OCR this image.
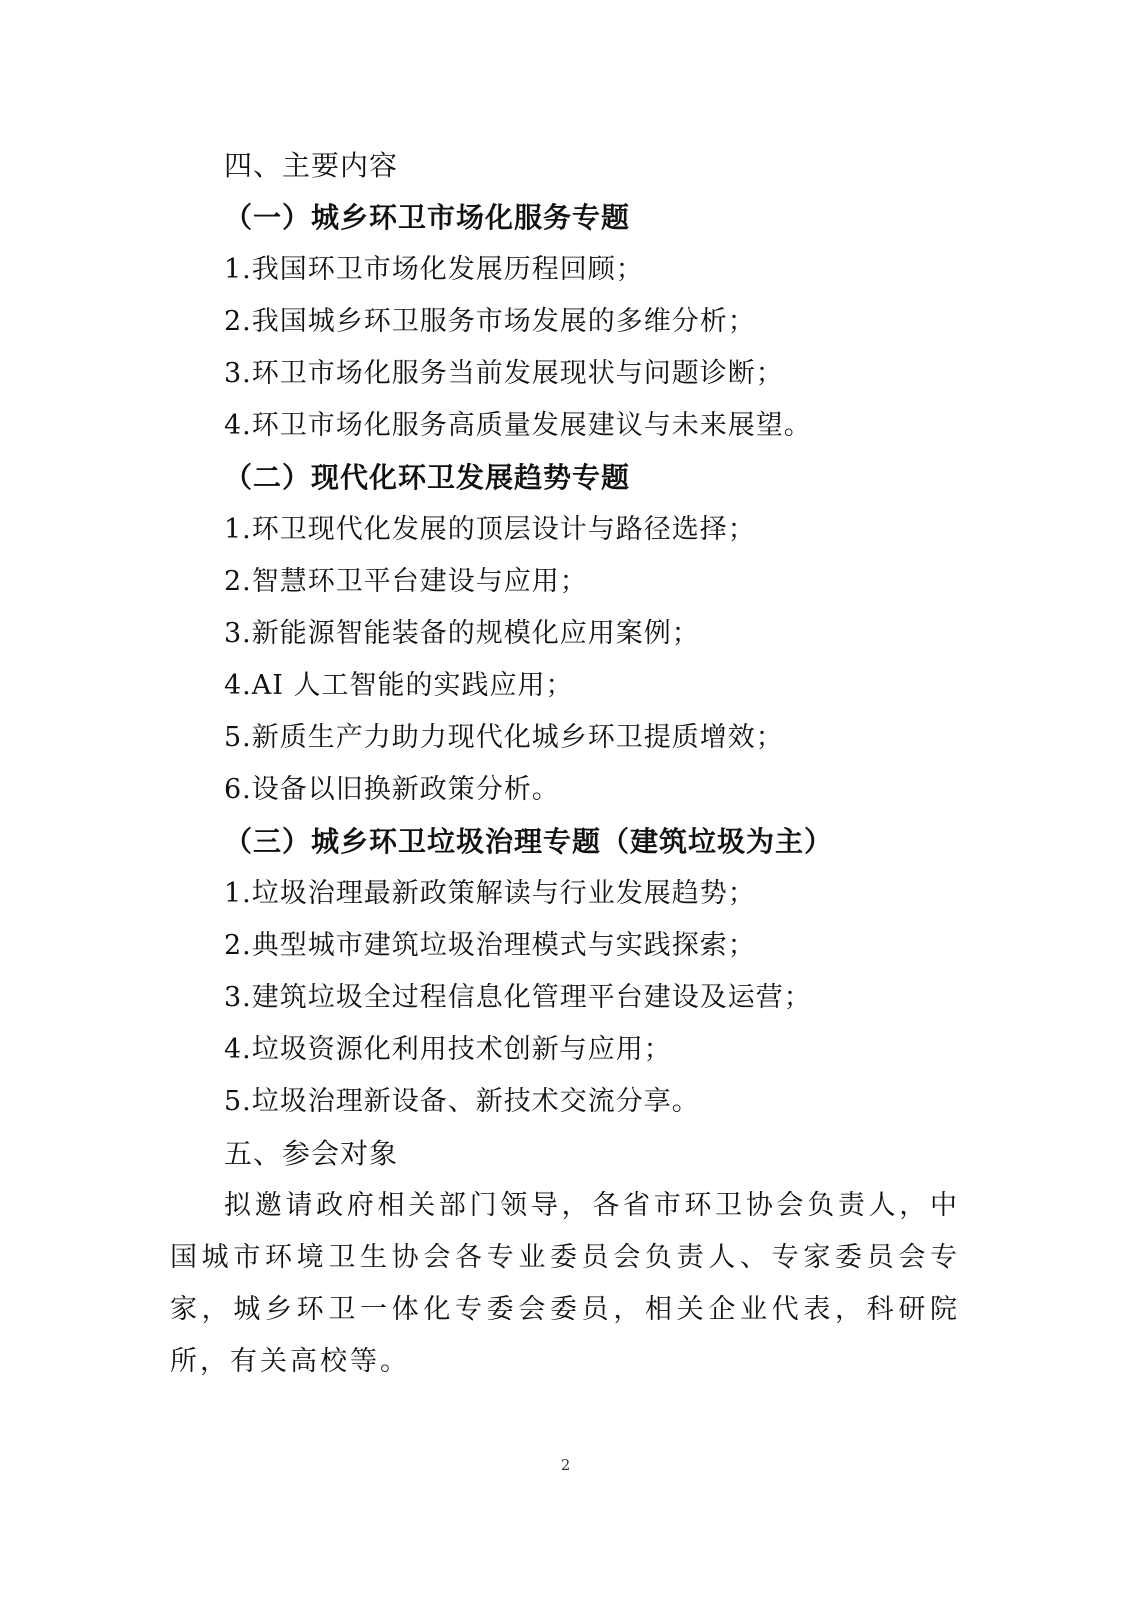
四、主要内容
（一）城乡环卫市场化服务专题

1.我国环卫市场化发展历程回顾；

2.我国城乡环卫服务市场发展的多维分析；

3.环卫市场化服务当前发展现状与问题诊断；

4.环卫市场化服务高质量发展建议与未来展望。

（二）现代化环卫发展趋势专题

1.环卫现代化发展的顶层设计与路径选择；

2.智慧环卫平台建设与应用；

3.新能源智能装备的规模化应用案例；

4.AI 人工智能的实践应用；

5.新质生产力助力现代化城乡环卫提质增效；

6.设备以旧换新政策分析。

（三）城乡环卫垃圾治理专题（建筑垃圾为主）

1.垃圾治理最新政策解读与行业发展趋势；

2.典型城市建筑垃圾治理模式与实践探索；

3.建筑垃圾全过程信息化管理平台建设及运营；

4.垃圾资源化利用技术创新与应用；

5.垃圾治理新设备、新技术交流分享。

五、参会对象

拟邀请政府相关部门领导，各省市环卫协会负责人，中国城市环境卫生协会各专业委员会负责人、专家委员会专家，城乡环卫一体化专委会委员，相关企业代表，科研院所，有关高校等。

2
